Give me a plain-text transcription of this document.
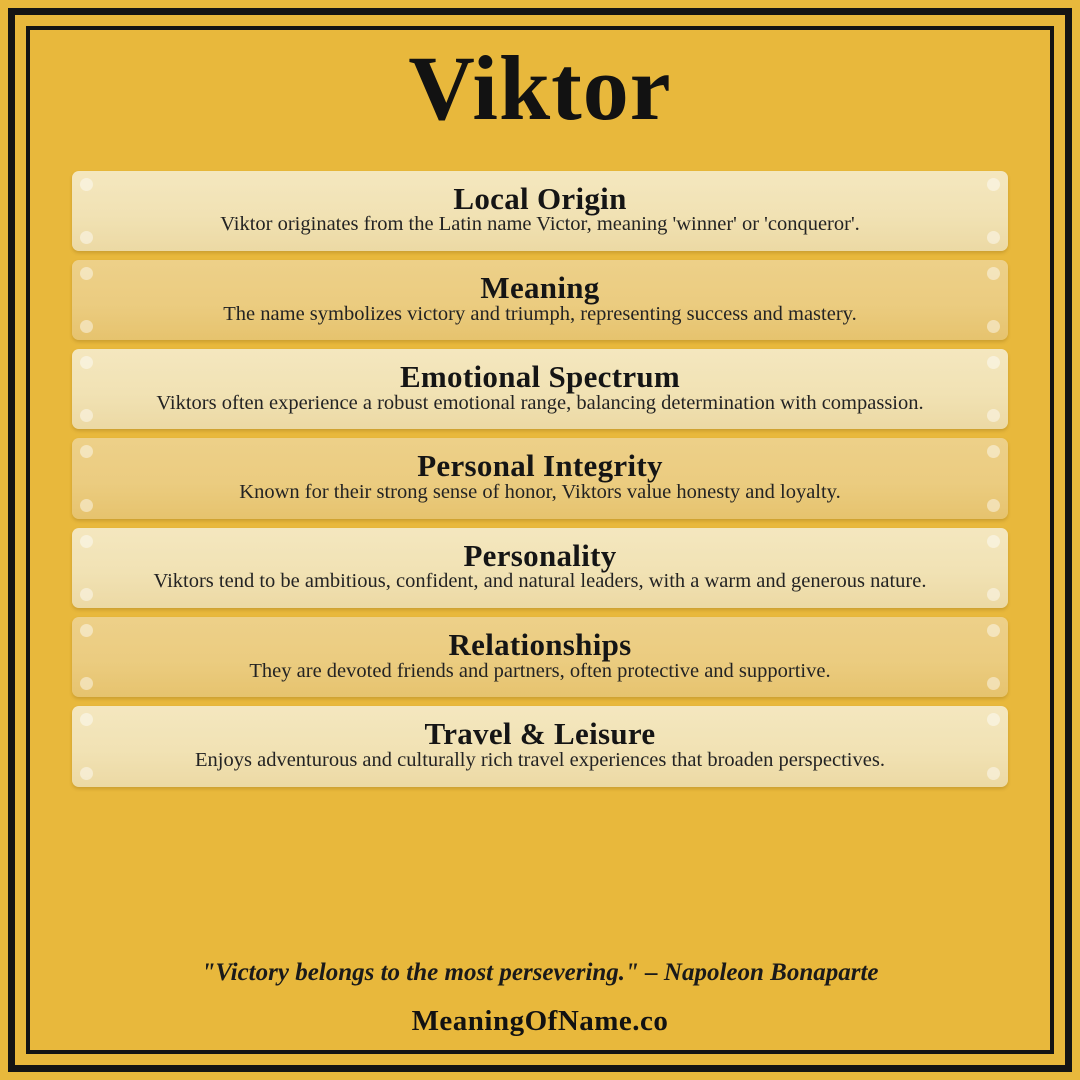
Viktor
Local Origin
Viktor originates from the Latin name Victor, meaning 'winner' or 'conqueror'.
Meaning
The name symbolizes victory and triumph, representing success and mastery.
Emotional Spectrum
Viktors often experience a robust emotional range, balancing determination with compassion.
Personal Integrity
Known for their strong sense of honor, Viktors value honesty and loyalty.
Personality
Viktors tend to be ambitious, confident, and natural leaders, with a warm and generous nature.
Relationships
They are devoted friends and partners, often protective and supportive.
Travel & Leisure
Enjoys adventurous and culturally rich travel experiences that broaden perspectives.
"Victory belongs to the most persevering." – Napoleon Bonaparte
MeaningOfName.co
